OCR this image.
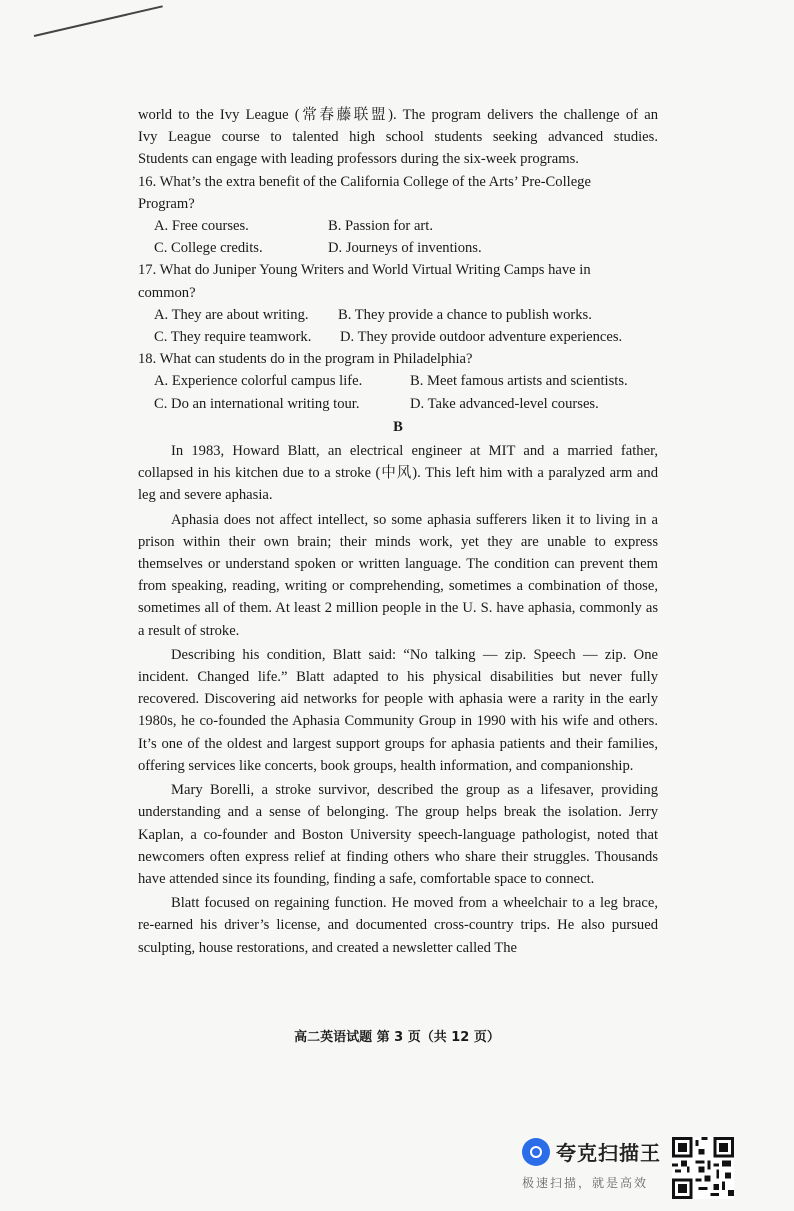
world to the Ivy League (常春藤联盟). The program delivers the challenge of an
Ivy League course to talented high school students seeking advanced studies.
Students can engage with leading professors during the six-week programs.
16. What’s the extra benefit of the California College of the Arts’ Pre-College
Program?
A. Free courses.	B. Passion for art.
C. College credits.	D. Journeys of inventions.
17. What do Juniper Young Writers and World Virtual Writing Camps have in
common?
A. They are about writing.	B. They provide a chance to publish works.
C. They require teamwork.	D. They provide outdoor adventure experiences.
18. What can students do in the program in Philadelphia?
A. Experience colorful campus life.	B. Meet famous artists and scientists.
C. Do an international writing tour.	D. Take advanced-level courses.
B

In 1983, Howard Blatt, an electrical engineer at MIT and a married father, collapsed in his kitchen due to a stroke (中风). This left him with a paralyzed arm and leg and severe aphasia.

Aphasia does not affect intellect, so some aphasia sufferers liken it to living in a prison within their own brain; their minds work, yet they are unable to express themselves or understand spoken or written language. The condition can prevent them from speaking, reading, writing or comprehending, sometimes a combination of those, sometimes all of them. At least 2 million people in the U. S. have aphasia, commonly as a result of stroke.

Describing his condition, Blatt said: “No talking — zip. Speech — zip. One incident. Changed life.” Blatt adapted to his physical disabilities but never fully recovered. Discovering aid networks for people with aphasia were a rarity in the early 1980s, he co-founded the Aphasia Community Group in 1990 with his wife and others. It’s one of the oldest and largest support groups for aphasia patients and their families, offering services like concerts, book groups, health information, and companionship.

Mary Borelli, a stroke survivor, described the group as a lifesaver, providing understanding and a sense of belonging. The group helps break the isolation. Jerry Kaplan, a co-founder and Boston University speech-language pathologist, noted that newcomers often express relief at finding others who share their struggles. Thousands have attended since its founding, finding a safe, comfortable space to connect.

Blatt focused on regaining function. He moved from a wheelchair to a leg brace, re-earned his driver’s license, and documented cross-country trips. He also pursued sculpting, house restorations, and created a newsletter called The

高二英语试题 第 3 页（共 12 页）
夸克扫描王
极速扫描，就是高效
